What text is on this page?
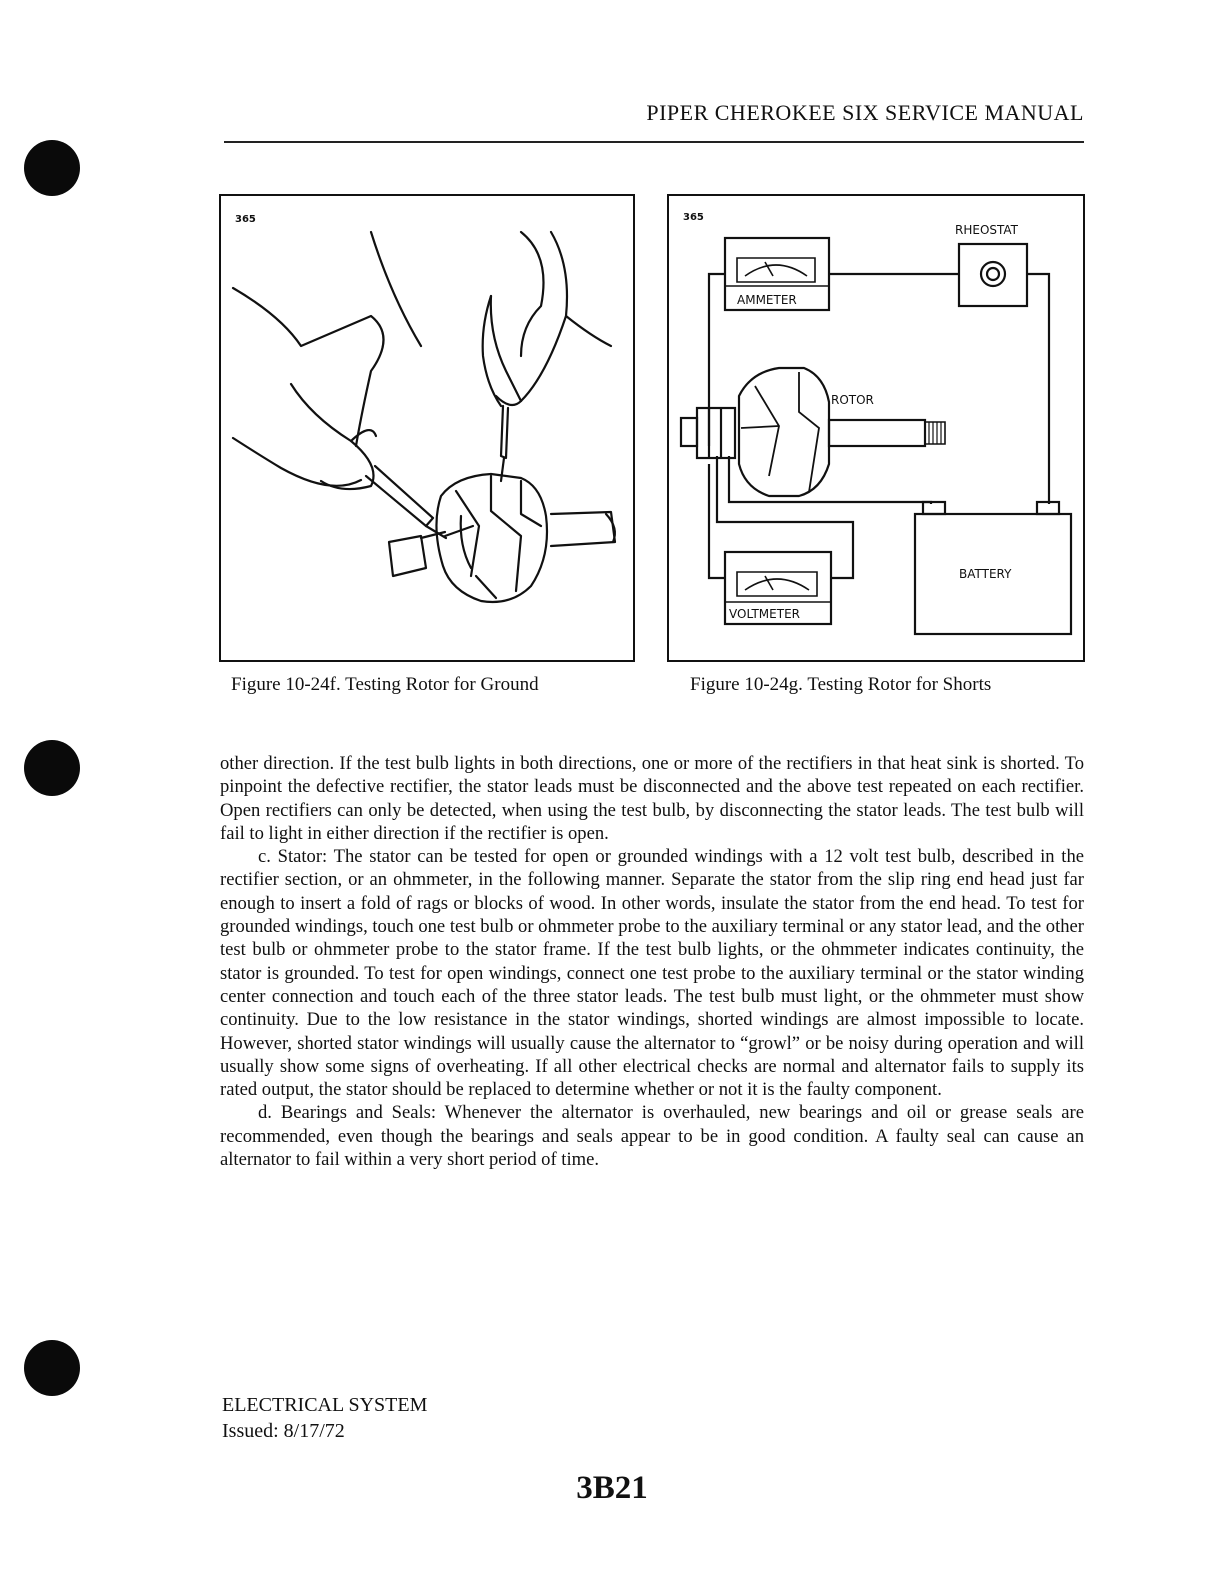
PIPER CHEROKEE SIX SERVICE MANUAL
365
Figure 10-24f. Testing Rotor for Ground
365
RHEOSTAT
AMMETER
ROTOR
BATTERY
VOLTMETER
Figure 10-24g. Testing Rotor for Shorts

other direction. If the test bulb lights in both directions, one or more of the rectifiers in that heat sink is shorted. To pinpoint the defective rectifier, the stator leads must be disconnected and the above test repeated on each rectifier. Open rectifiers can only be detected, when using the test bulb, by disconnecting the stator leads. The test bulb will fail to light in either direction if the rectifier is open.

c. Stator: The stator can be tested for open or grounded windings with a 12 volt test bulb, described in the rectifier section, or an ohmmeter, in the following manner. Separate the stator from the slip ring end head just far enough to insert a fold of rags or blocks of wood. In other words, insulate the stator from the end head. To test for grounded windings, touch one test bulb or ohmmeter probe to the auxiliary terminal or any stator lead, and the other test bulb or ohmmeter probe to the stator frame. If the test bulb lights, or the ohmmeter indicates continuity, the stator is grounded. To test for open windings, connect one test probe to the auxiliary terminal or the stator winding center connection and touch each of the three stator leads. The test bulb must light, or the ohmmeter must show continuity. Due to the low resistance in the stator windings, shorted windings are almost impossible to locate. However, shorted stator windings will usually cause the alternator to “growl” or be noisy during operation and will usually show some signs of overheating. If all other electrical checks are normal and alternator fails to supply its rated output, the stator should be replaced to determine whether or not it is the faulty component.

d. Bearings and Seals: Whenever the alternator is overhauled, new bearings and oil or grease seals are recommended, even though the bearings and seals appear to be in good condition. A faulty seal can cause an alternator to fail within a very short period of time.

ELECTRICAL SYSTEM
Issued: 8/17/72
3B21
